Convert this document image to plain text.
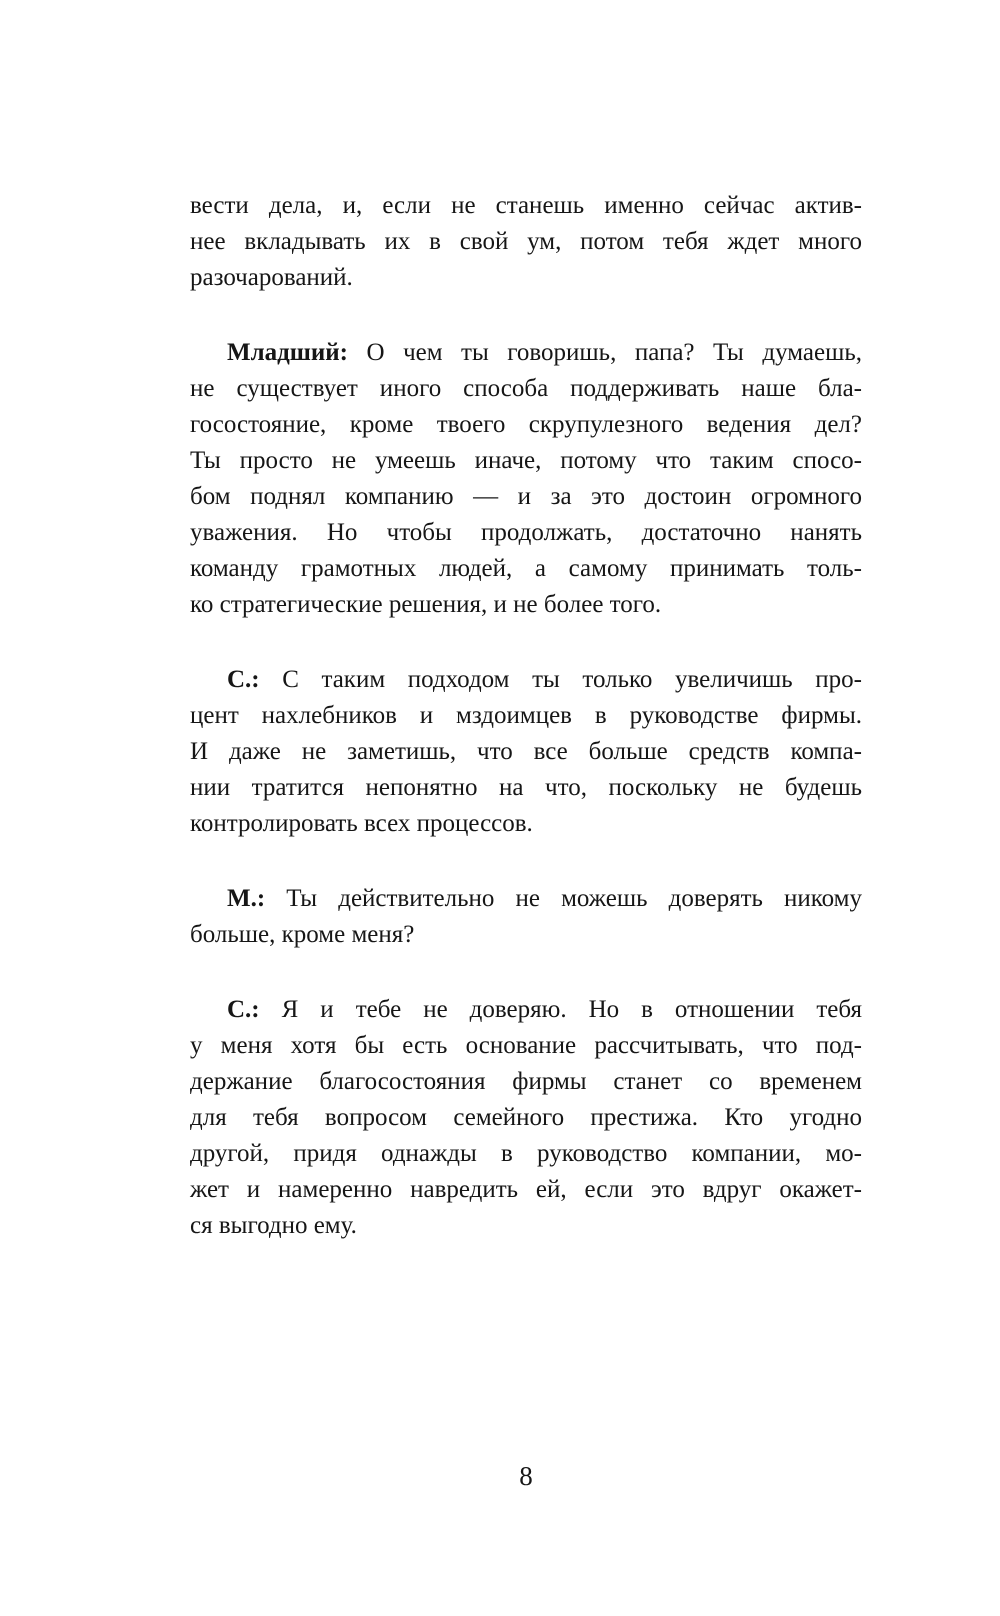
вести дела, и, если не станешь именно сейчас актив-
нее вкладывать их в свой ум, потом тебя ждет много
разочарований.
Младший: О чем ты говоришь, папа? Ты думаешь,
не существует иного способа поддерживать наше бла-
госостояние, кроме твоего скрупулезного ведения дел?
Ты просто не умеешь иначе, потому что таким спосо-
бом поднял компанию — и за это достоин огромного
уважения. Но чтобы продолжать, достаточно нанять
команду грамотных людей, а самому принимать толь-
ко стратегические решения, и не более того.
С.: С таким подходом ты только увеличишь про-
цент нахлебников и мздоимцев в руководстве фирмы.
И даже не заметишь, что все больше средств компа-
нии тратится непонятно на что, поскольку не будешь
контролировать всех процессов.
М.: Ты действительно не можешь доверять никому
больше, кроме меня?
С.: Я и тебе не доверяю. Но в отношении тебя
у меня хотя бы есть основание рассчитывать, что под-
держание благосостояния фирмы станет со временем
для тебя вопросом семейного престижа. Кто угодно
другой, придя однажды в руководство компании, мо-
жет и намеренно навредить ей, если это вдруг окажет-
ся выгодно ему.
8
